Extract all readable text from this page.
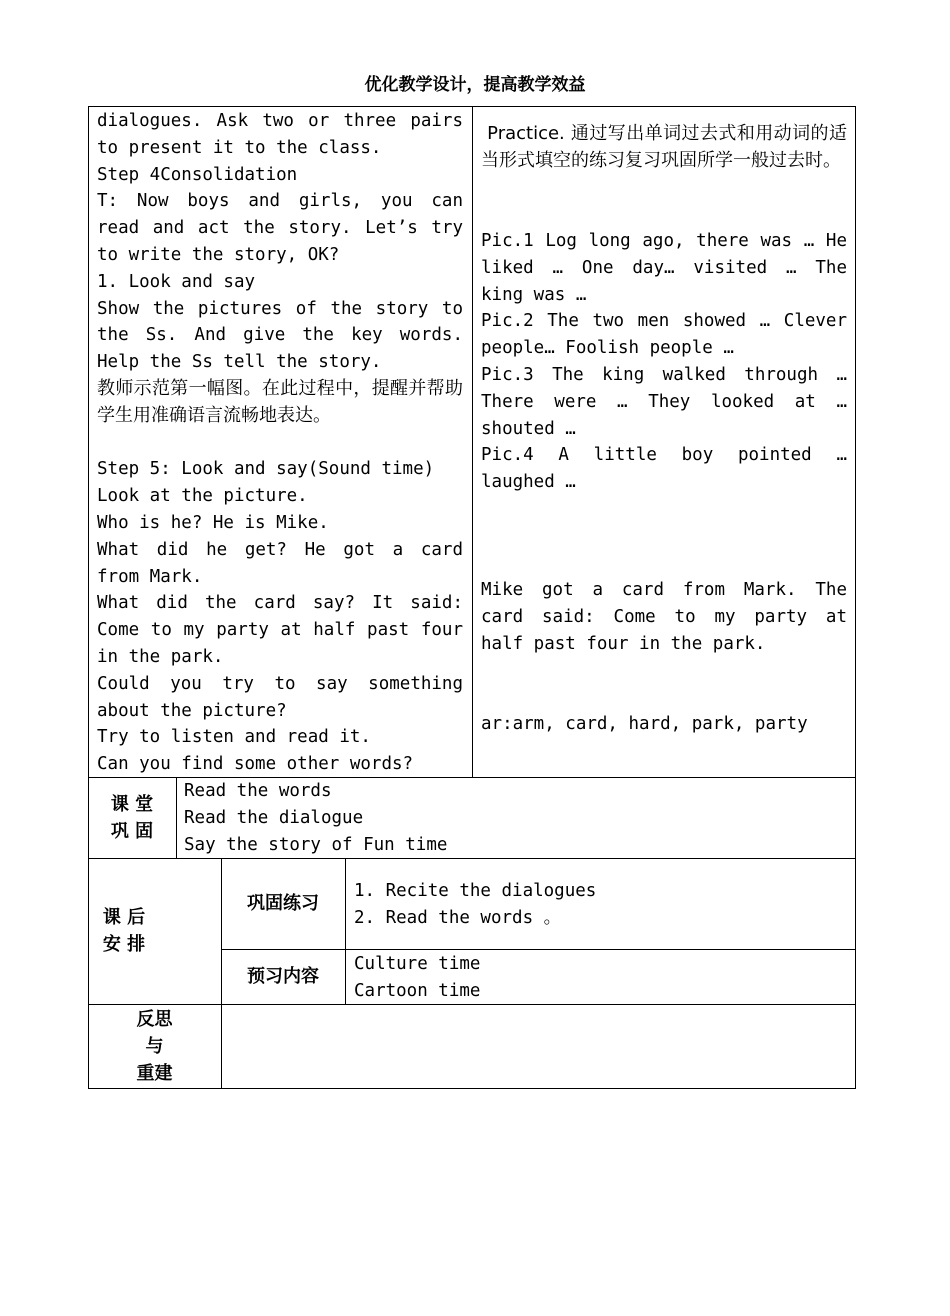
优化教学设计，提高教学效益
dialogues. Ask two or three pairs to present it to the class.
Step 4Consolidation
T: Now boys and girls, you can read and act the story. Let’s try to write the story, OK?
1. Look and say
Show the pictures of the story to the Ss. And give the key words. Help the Ss tell the story.
教师示范第一幅图。在此过程中，提醒并帮助学生用准确语言流畅地表达。
Step 5: Look and say(Sound time)
Look at the picture.
Who is he? He is Mike.
What did he get? He got a card from Mark.
What did the card say? It said: Come to my party at half past four in the park.
Could you try to say something about the picture?
Try to listen and read it.
Can you find some other words?
Practice. 通过写出单词过去式和用动词的适当形式填空的练习复习巩固所学一般过去时。
Pic.1 Log long ago, there was … He liked … One day… visited … The king was …
Pic.2 The two men showed … Clever people… Foolish people …
Pic.3 The king walked through … There were … They looked at … shouted …
Pic.4 A little boy pointed … laughed …
Mike got a card from Mark. The card said: Come to my party at half past four in the park.
ar:arm, card, hard, park, party
课 堂
巩 固
Read the words
Read the dialogue
Say the story of Fun time
课 后
安 排
巩固练习
1. Recite the dialogues
2. Read the words 。
预习内容
Culture time
Cartoon time
反思
与
重建
